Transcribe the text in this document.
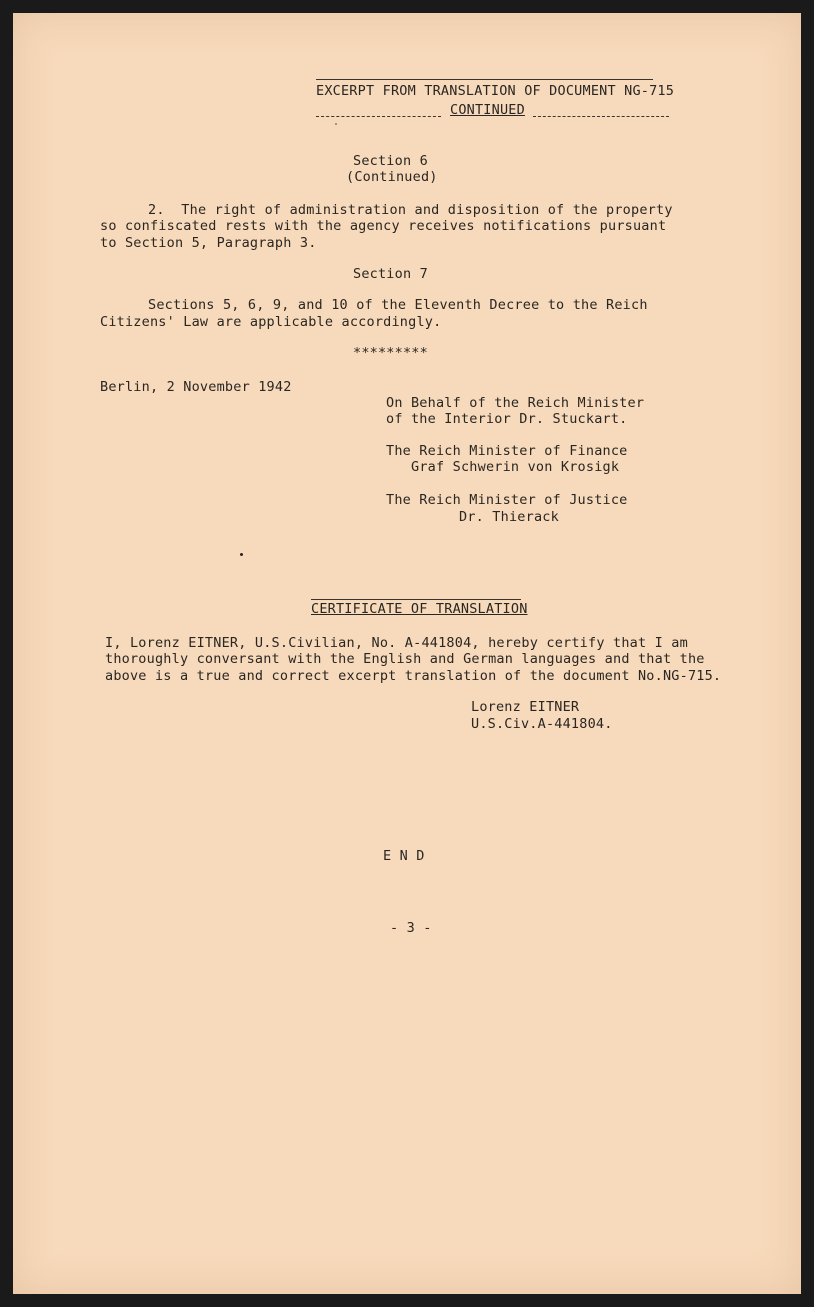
EXCERPT FROM TRANSLATION OF DOCUMENT NG-715
CONTINUED
Section 6
(Continued)
2.  The right of administration and disposition of the property
so confiscated rests with the agency receives notifications pursuant
to Section 5, Paragraph 3.
Section 7
Sections 5, 6, 9, and 10 of the Eleventh Decree to the Reich
Citizens' Law are applicable accordingly.
*********
Berlin, 2 November 1942
On Behalf of the Reich Minister
of the Interior Dr. Stuckart.
The Reich Minister of Finance
Graf Schwerin von Krosigk
The Reich Minister of Justice
Dr. Thierack
CERTIFICATE OF TRANSLATION
I, Lorenz EITNER, U.S.Civilian, No. A-441804, hereby certify that I am
thoroughly conversant with the English and German languages and that the
above is a true and correct excerpt translation of the document No.NG-715.
Lorenz EITNER
U.S.Civ.A-441804.
E N D
- 3 -
